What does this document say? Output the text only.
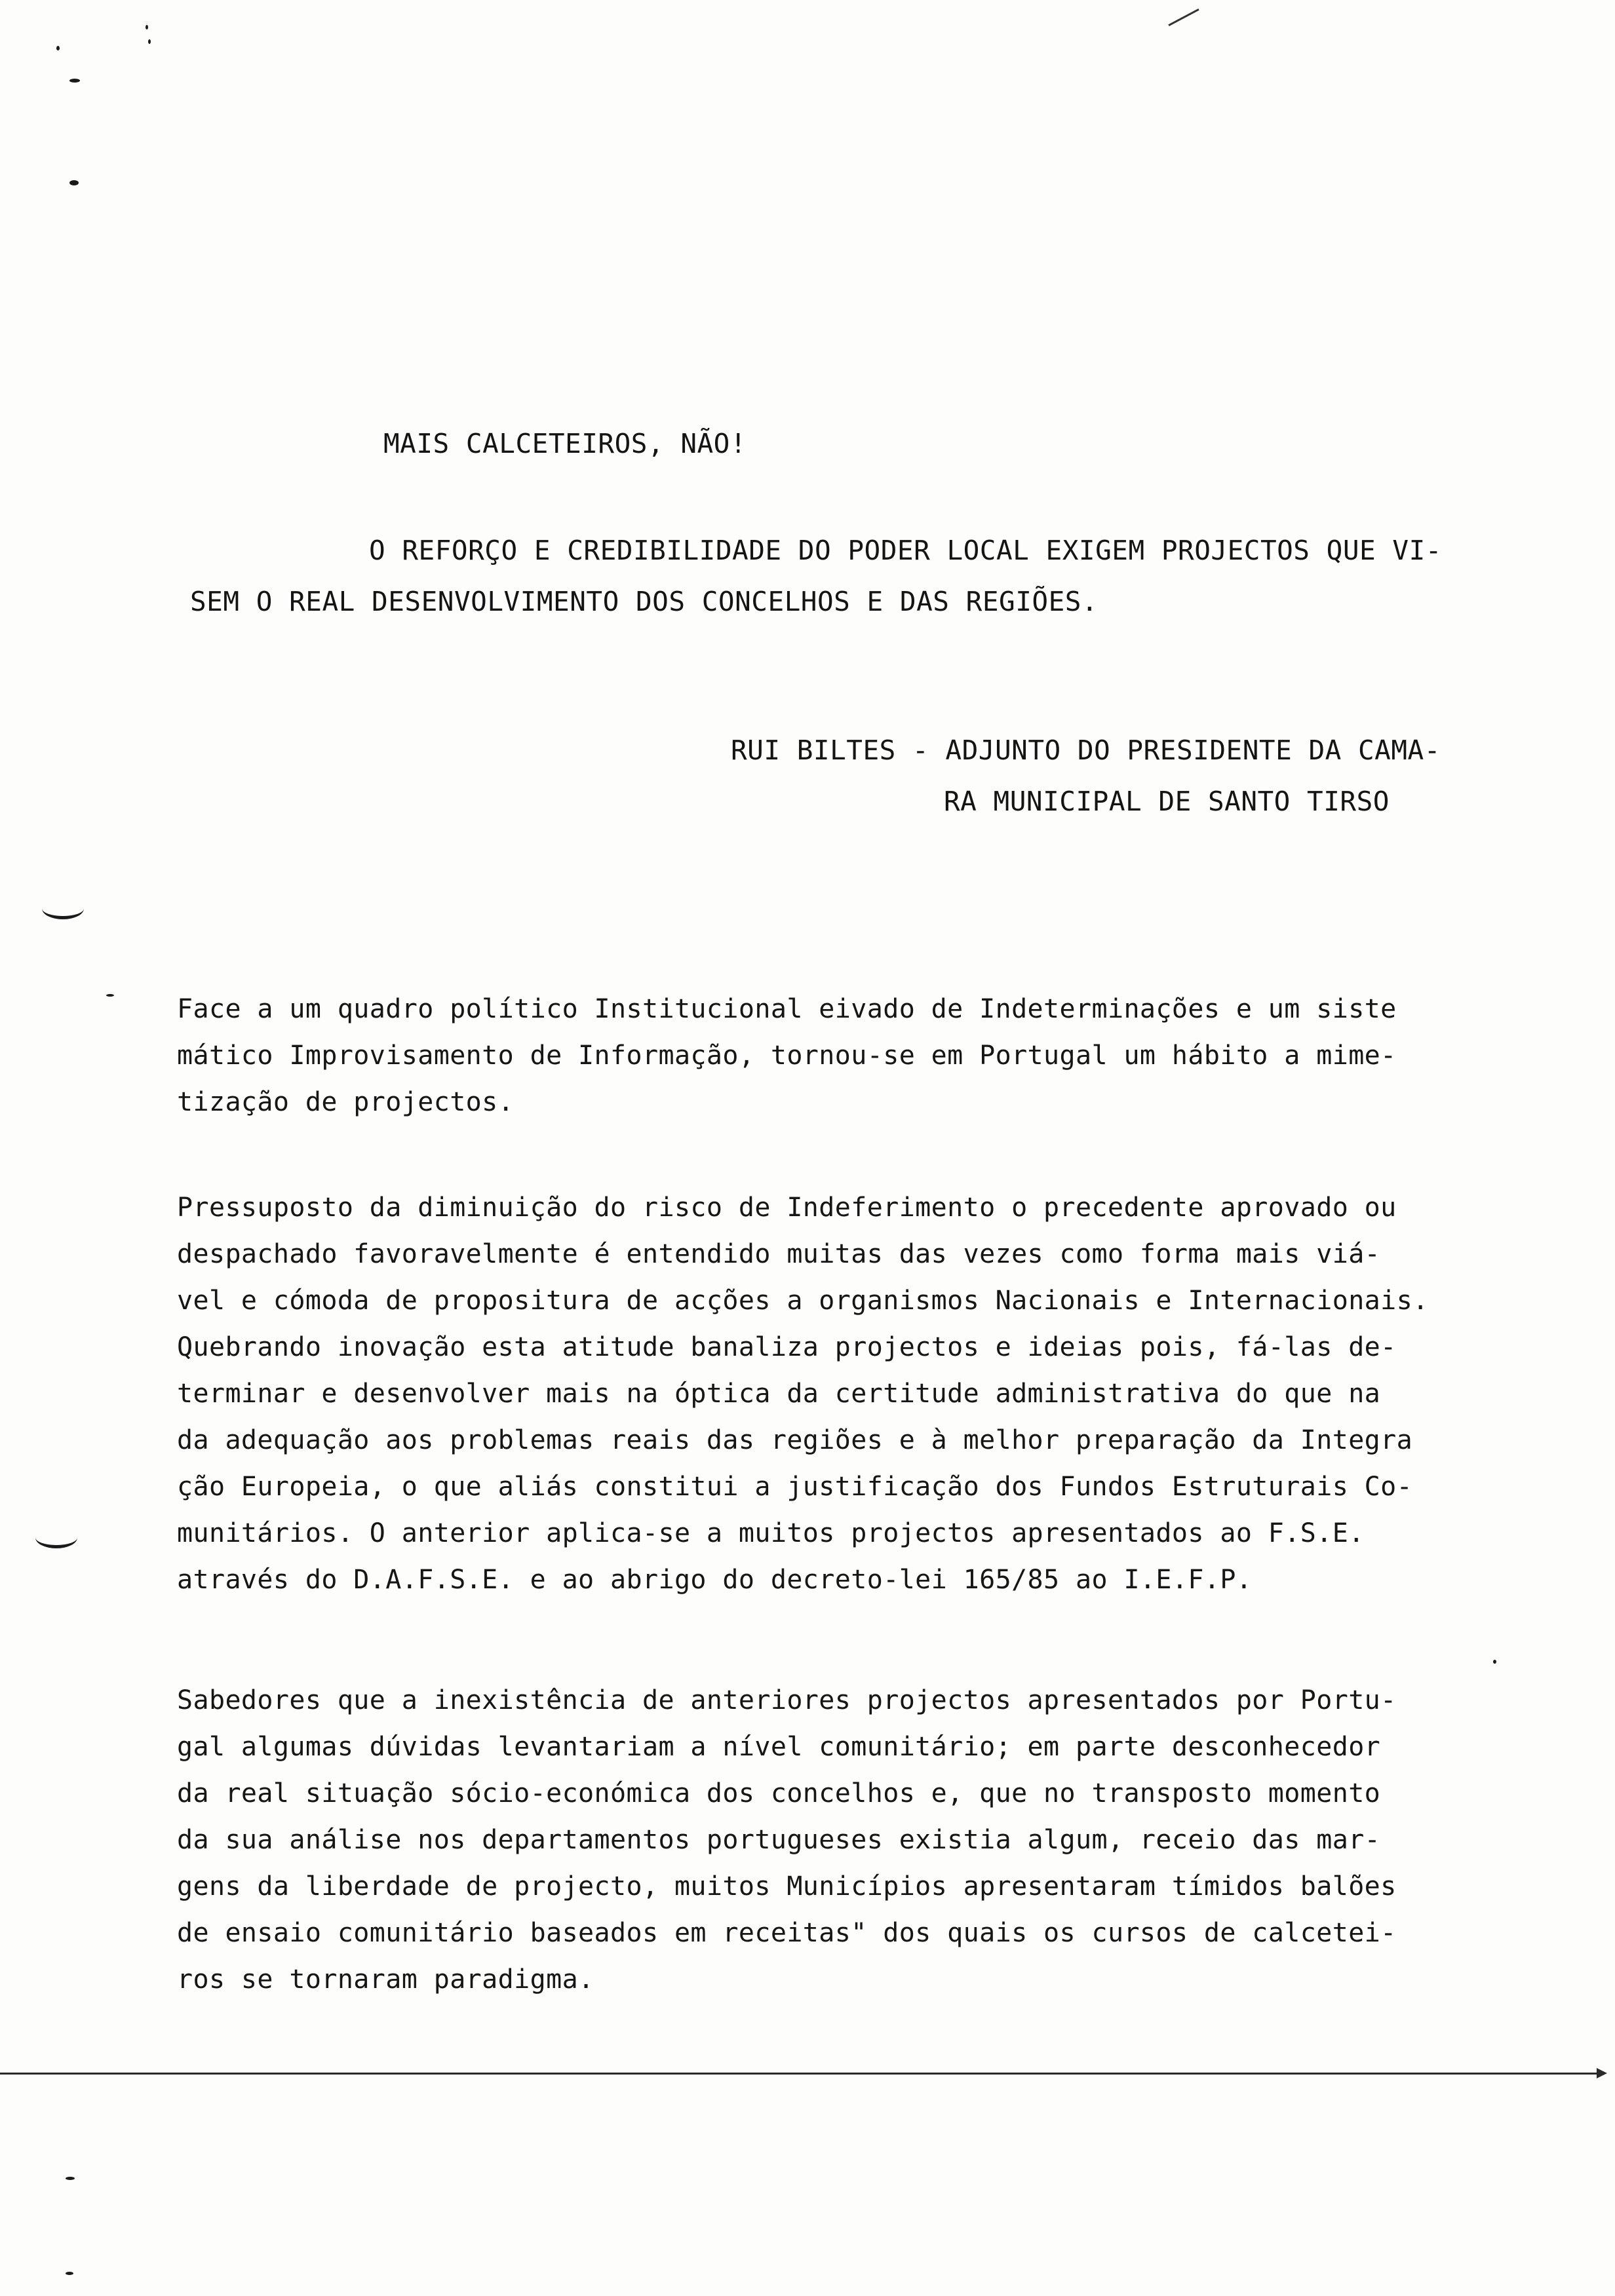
MAIS CALCETEIROS, NÃO!
O REFORÇO E CREDIBILIDADE DO PODER LOCAL EXIGEM PROJECTOS QUE VI-
SEM O REAL DESENVOLVIMENTO DOS CONCELHOS E DAS REGIÕES.
RUI BILTES - ADJUNTO DO PRESIDENTE DA CAMA-
RA MUNICIPAL DE SANTO TIRSO
Face a um quadro político Institucional eivado de Indeterminações e um siste
mático Improvisamento de Informação, tornou-se em Portugal um hábito a mime-
tização de projectos.
Pressuposto da diminuição do risco de Indeferimento o precedente aprovado ou
despachado favoravelmente é entendido muitas das vezes como forma mais viá-
vel e cómoda de propositura de acções a organismos Nacionais e Internacionais.
Quebrando inovação esta atitude banaliza projectos e ideias pois, fá-las de-
terminar e desenvolver mais na óptica da certitude administrativa do que na
da adequação aos problemas reais das regiões e à melhor preparação da Integra
ção Europeia, o que aliás constitui a justificação dos Fundos Estruturais Co-
munitários. O anterior aplica-se a muitos projectos apresentados ao F.S.E.
através do D.A.F.S.E. e ao abrigo do decreto-lei 165/85 ao I.E.F.P.
Sabedores que a inexistência de anteriores projectos apresentados por Portu-
gal algumas dúvidas levantariam a nível comunitário; em parte desconhecedor
da real situação sócio-económica dos concelhos e, que no transposto momento
da sua análise nos departamentos portugueses existia algum, receio das mar-
gens da liberdade de projecto, muitos Municípios apresentaram tímidos balões
de ensaio comunitário baseados em receitas" dos quais os cursos de calcetei-
ros se tornaram paradigma.
